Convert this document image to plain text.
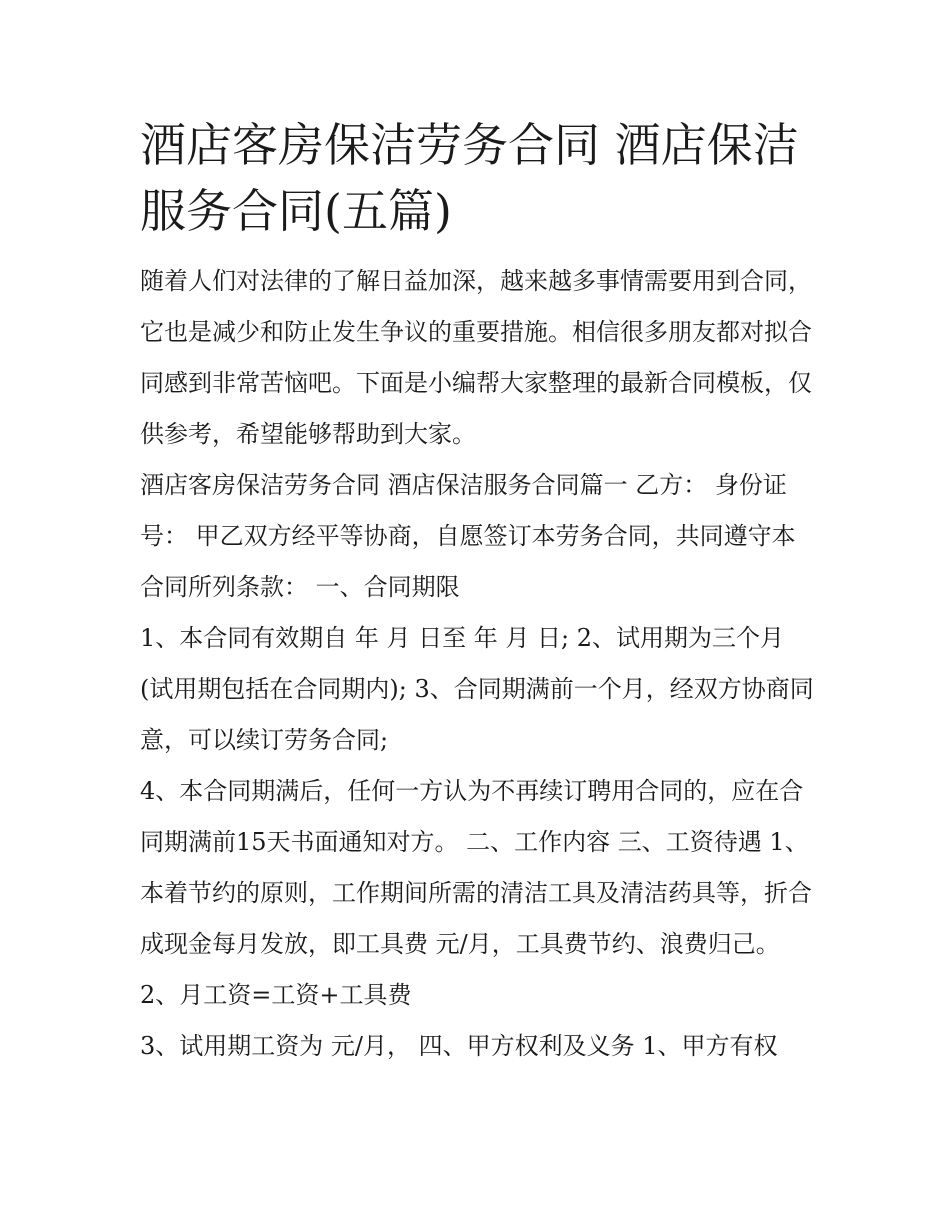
酒店客房保洁劳务合同 酒店保洁服务合同(五篇)

随着人们对法律的了解日益加深，越来越多事情需要用到合同，它也是减少和防止发生争议的重要措施。相信很多朋友都对拟合同感到非常苦恼吧。下面是小编帮大家整理的最新合同模板，仅供参考，希望能够帮助到大家。

酒店客房保洁劳务合同 酒店保洁服务合同篇一 乙方： 身份证号： 甲乙双方经平等协商，自愿签订本劳务合同，共同遵守本合同所列条款： 一、合同期限

1、本合同有效期自 年 月 日至 年 月 日; 2、试用期为三个月(试用期包括在合同期内); 3、合同期满前一个月，经双方协商同意，可以续订劳务合同;

4、本合同期满后，任何一方认为不再续订聘用合同的，应在合同期满前15天书面通知对方。 二、工作内容 三、工资待遇 1、本着节约的原则，工作期间所需的清洁工具及清洁药具等，折合成现金每月发放，即工具费 元/月，工具费节约、浪费归己。 2、月工资=工资+工具费

3、试用期工资为 元/月， 四、甲方权利及义务 1、甲方有权
